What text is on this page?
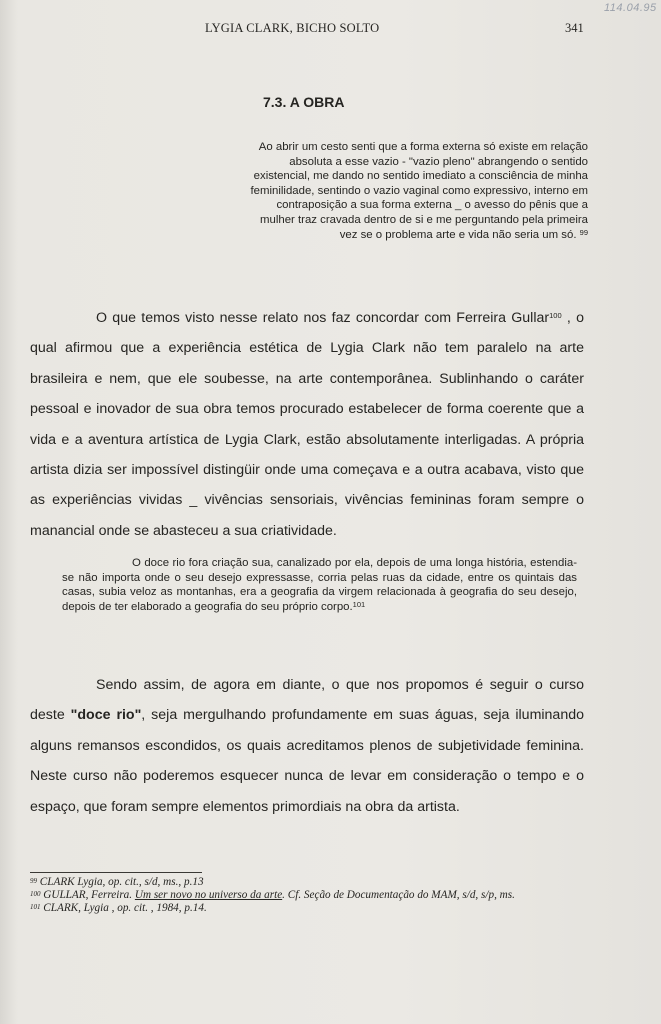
LYGIA CLARK, BICHO SOLTO	341
114.04.95
7.3. A OBRA

Ao abrir um cesto senti que a forma externa só existe em relação absoluta a esse vazio - "vazio pleno" abrangendo o sentido existencial, me dando no sentido imediato a consciência de minha feminilidade, sentindo o vazio vaginal como expressivo, interno em contraposição a sua forma externa _ o avesso do pênis que a mulher traz cravada dentro de si e me perguntando pela primeira vez se o problema arte e vida não seria um só. $^{99}$

O que temos visto nesse relato nos faz concordar com Ferreira Gullar$^{100}$ , o qual afirmou que a experiência estética de Lygia Clark não tem paralelo na arte brasileira e nem, que ele soubesse, na arte contemporânea. Sublinhando o caráter pessoal e inovador de sua obra temos procurado estabelecer de forma coerente que a vida e a aventura artística de Lygia Clark, estão absolutamente interligadas. A própria artista dizia ser impossível distingüir onde uma começava e a outra acabava, visto que as experiências vividas _ vivências sensoriais, vivências femininas foram sempre o manancial onde se abasteceu a sua criatividade.

O doce rio fora criação sua, canalizado por ela, depois de uma longa história, estendia-se não importa onde o seu desejo expressasse, corria pelas ruas da cidade, entre os quintais das casas, subia veloz as montanhas, era a geografia da virgem relacionada à geografia do seu desejo, depois de ter elaborado a geografia do seu próprio corpo.$^{101}$

Sendo assim, de agora em diante, o que nos propomos é seguir o curso deste "doce rio", seja mergulhando profundamente em suas águas, seja iluminando alguns remansos escondidos, os quais acreditamos plenos de subjetividade feminina. Neste curso não poderemos esquecer nunca de levar em consideração o tempo e o espaço, que foram sempre elementos primordiais na obra da artista.

$^{99}$ CLARK Lygia, op. cit., s/d, ms., p.13

$^{100}$ GULLAR, Ferreira. Um ser novo no universo da arte. Cf. Seção de Documentação do MAM, s/d, s/p, ms.

$^{101}$ CLARK, Lygia , op. cit. , 1984, p.14.
